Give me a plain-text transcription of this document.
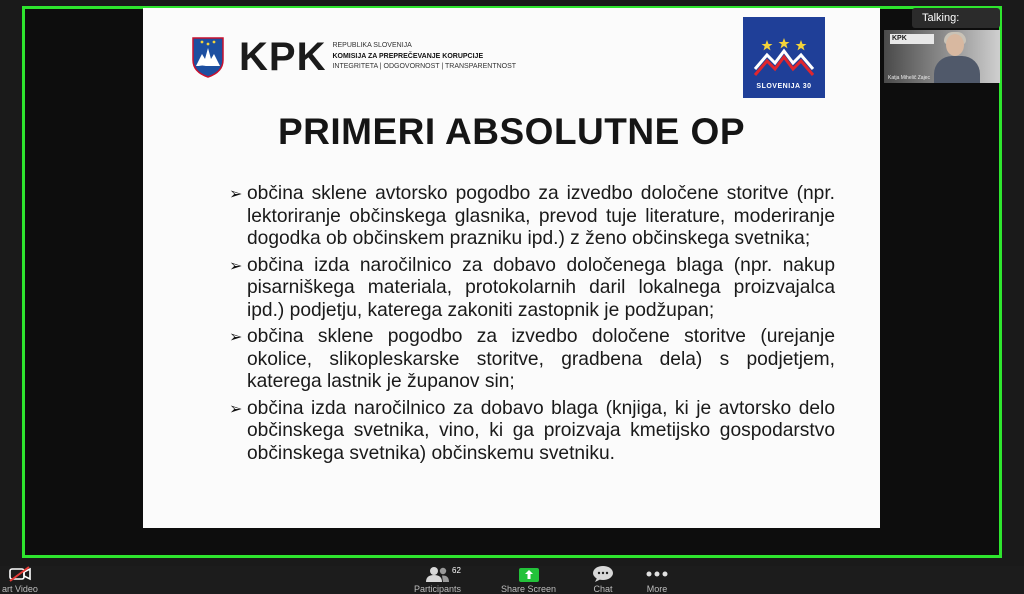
KPK REPUBLIKA SLOVENIJA
KOMISIJA ZA PREPREČEVANJE KORUPCIJE
INTEGRITETA | ODGOVORNOST | TRANSPARENTNOST
SLOVENIJA 30
PRIMERI ABSOLUTNE OP
➢ občina sklene avtorsko pogodbo za izvedbo določene storitve (npr. lektoriranje občinskega glasnika, prevod tuje literature, moderiranje dogodka ob občinskem prazniku ipd.) z ženo občinskega svetnika;
➢ občina izda naročilnico za dobavo določenega blaga (npr. nakup pisarniškega materiala, protokolarnih daril lokalnega proizvajalca ipd.) podjetju, katerega zakoniti zastopnik je podžupan;
➢ občina sklene pogodbo za izvedbo določene storitve (urejanje okolice, slikopleskarske storitve, gradbena dela) s podjetjem, katerega lastnik je županov sin;
➢ občina izda naročilnico za dobavo blaga (knjiga, ki je avtorsko delo občinskega svetnika, vino, ki ga proizvaja kmetijsko gospodarstvo občinskega svetnika) občinskemu svetniku.
Talking:
KPK
Katja Mihelič Zajec
art Video	Participants
62
Share Screen	Chat	More
